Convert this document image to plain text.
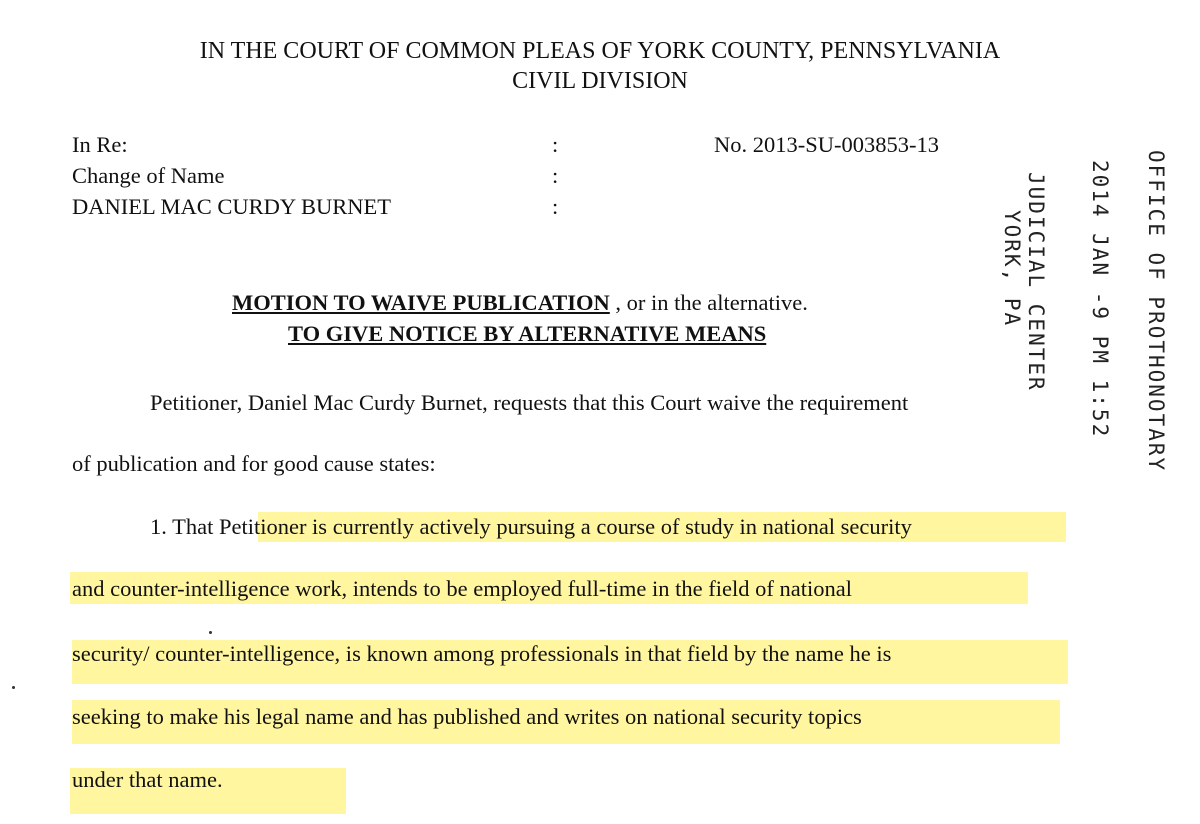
IN THE COURT OF COMMON PLEAS OF YORK COUNTY, PENNSYLVANIA
CIVIL DIVISION
In Re:
Change of Name
DANIEL MAC CURDY BURNET
:
:
:
No. 2013-SU-003853-13
JUDICIAL CENTER
YORK, PA	2014 JAN -9 PM 1:52 OFFICE OF PROTHONOTARY
MOTION TO WAIVE PUBLICATION , or in the alternative.
TO GIVE NOTICE BY ALTERNATIVE MEANS
Petitioner, Daniel Mac Curdy Burnet, requests that this Court waive the requirement
of publication and for good cause states:
1. That Petitioner is currently actively pursuing a course of study in national security
and counter-intelligence work, intends to be employed full-time in the field of national
security/ counter-intelligence, is known among professionals in that field by the name he is
seeking to make his legal name and has published and writes on national security topics
under that name.
